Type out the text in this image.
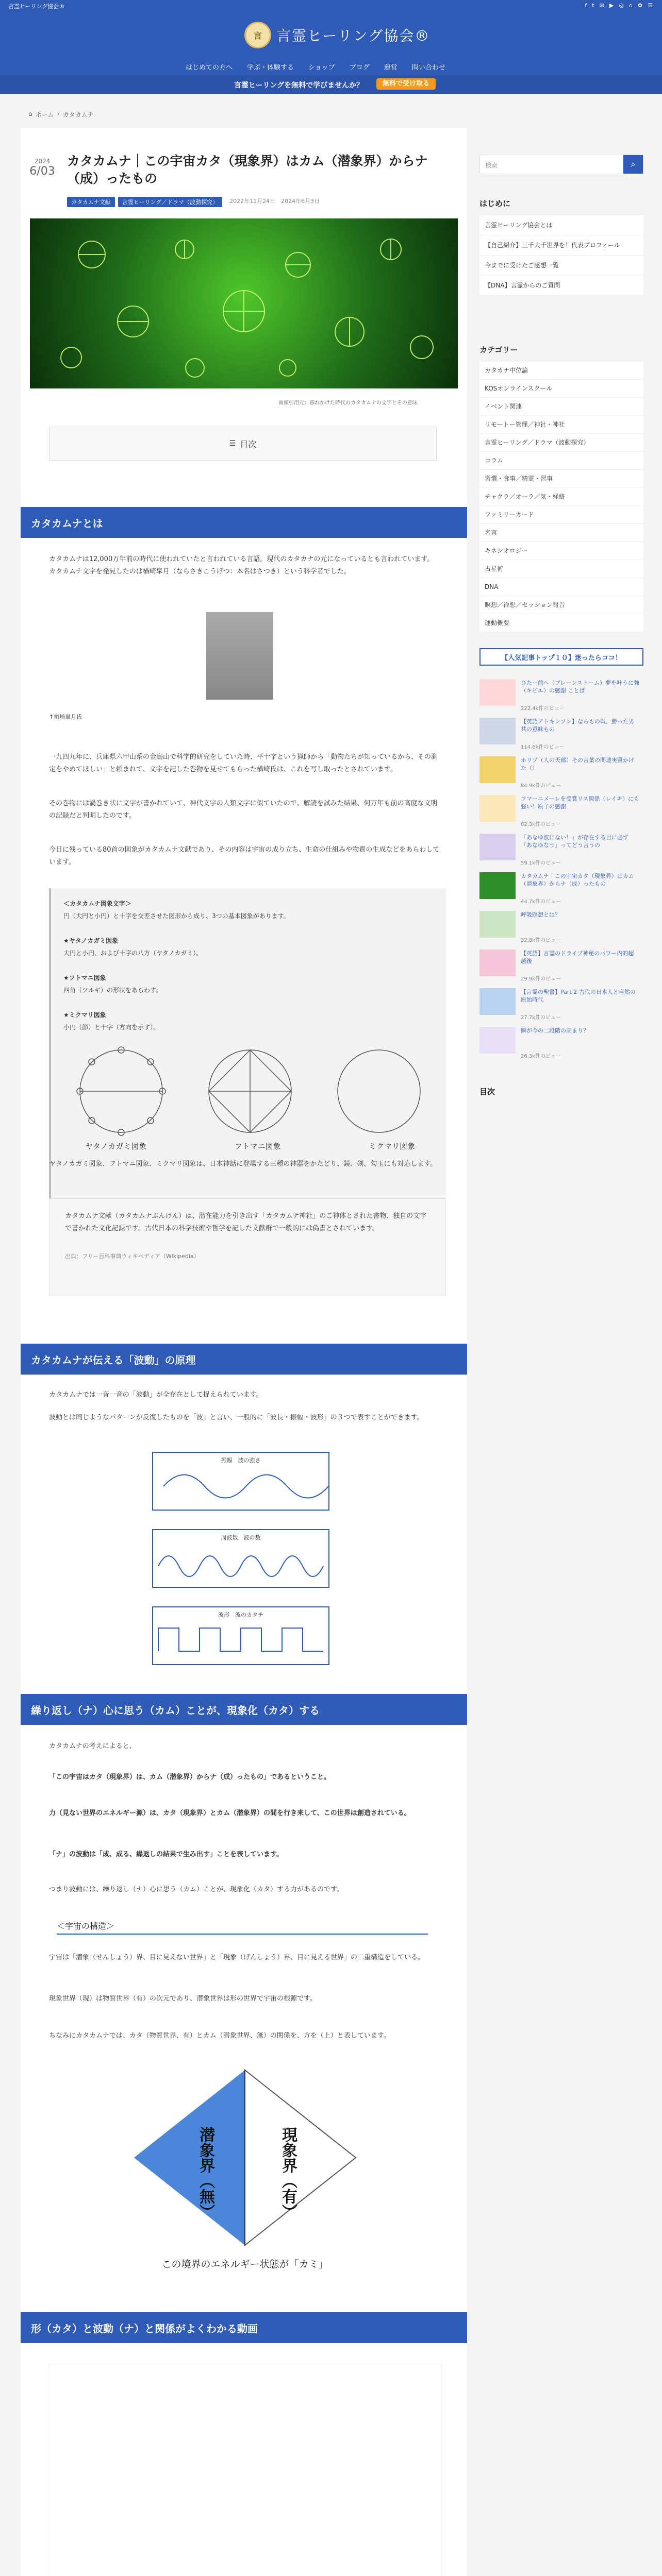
言霊ヒーリング協会®	f t ✉ ▶ ◎ ⌂ ✿ ☰
言	言霊ヒーリング協会®
はじめての方へ 学ぶ・体験する ショップ ブログ 運営 問い合わせ
言霊ヒーリングを無料で学びませんか？	無料で受け取る
⌂ ホーム › カタカムナ
2024
6/03
カタカムナ｜この宇宙カタ（現象界）はカム（潜象界）からナ（成）ったもの
カタカムナ文献	言霊ヒーリング／ドラマ（波動探究）	2022年11月24日　2024年6月3日
画像引用元：暮れかけた時代のカタカムナの文字とその意味
☰ 目次
カタカムナとは
カタカムナは12,000万年前の時代に使われていたと言われている言語。現代のカタカナの元になっているとも言われています。
カタカムナ文字を発見したのは楢崎皐月（ならさきこうげつ：本名はさつき）という科学者でした。
↑楢崎皐月氏
一九四九年に、兵庫県六甲山系の金鳥山で科学的研究をしていた時、平十字という猟師から「動物たちが知っているから、その測定をやめてほしい」と頼まれて、文字を記した巻物を見せてもらった楢崎氏は、これを写し取ったとされています。
その巻物には渦巻き状に文字が書かれていて、神代文字の人類文字に似ていたので、解読を試みた結果、何万年も前の高度な文明の記録だと判明したのです。
今日に残っている80首の図象がカタカムナ文献であり、その内容は宇宙の成り立ち、生命の仕組みや物質の生成などをあらわしています。
＜カタカムナ図象文字＞
円（大円と小円）と十字を交差させた図形から成り、3つの基本図象があります。

★ヤタノカガミ図象
大円と小円、および十字の八方（ヤタノカガミ）。

★フトマニ図象
四角（ツルギ）の形状をあらわす。

★ミクマリ図象
小円（節）と十字（方向を示す）。
ヤタノカガミ図象	フトマニ図象	ミクマリ図象
ヤタノカガミ図象、フトマニ図象、ミクマリ図象は、日本神話に登場する三種の神器をかたどり、鏡、剣、勾玉にも対応します。
カタカムナ文献（カタカムナぶんけん）は、潜在能力を引き出す「カタカムナ神社」のご神体とされた書物、独自の文字で書かれた文化記録です。古代日本の科学技術や哲学を記した文献群で一般的には偽書とされています。
出典：フリー百科事典ウィキペディア（Wikipedia）
カタカムナが伝える「波動」の原理
カタカムナでは一音一音の「波動」が全存在として捉えられています。
波動とは同じようなパターンが反復したものを「波」と言い、一般的に「波長・振幅・波形」の３つで表すことができます。
振幅　波の強さ
周波数　波の数
波形　波のカタチ
繰り返し（ナ）心に思う（カム）ことが、現象化（カタ）する
カタカムナの考えによると、
「この宇宙はカタ（現象界）は、カム（潜象界）からナ（成）ったもの」であるということ。
力（見ない世界のエネルギー源）は、カタ（現象界）とカム（潜象界）の間を行き来して、この世界は創造されている。
「ナ」の波動は「成、成る、繰返しの結果で生み出す」ことを表しています。
つまり波動には、繰り返し（ナ）心に思う（カム）ことが、現象化（カタ）する力があるのです。
＜宇宙の構造＞
宇宙は「潜象（せんしょう）界、目に見えない世界」と「現象（げんしょう）界、目に見える世界」の二重構造をしている。
現象世界（現）は物質世界（有）の次元であり、潜象世界は形の世界で宇宙の根源です。
ちなみにカタカムナでは、カタ（物質世界、有）とカム（潜象世界、無）の関係を、方を（上）と表しています。
潜象界（無）	現象界（有）
この境界のエネルギー状態が「カミ」
形（カタ）と波動（ナ）と関係がよくわかる動画
検索	⌕
はじめに
言霊ヒーリング協会とは
【自己紹介】三千大千世界を！代表プロフィール
今までに受けたご感想一覧
【DNA】言霊からのご質問
カテゴリー
カタカナ中位論
KOSオンラインスクール
イベント関連
リモートー管理／神社・神社
言霊ヒーリング／ドラマ（波動探究）
コラム
習慣・食事／精霊・習事
チャクラ／オーラ／気・経絡
ファミリーカード
名言
キネシオロジー
占星術
DNA
瞑想／禅想／セッション報告
運動概要
【人気記事トップ１０】迷ったらココ！
ひたー前へ（ブレーンストーム）夢を叶うに強（キビエ）の感謝 ことば
222.4k件のビュー
【英語アトキンソン】ならもの戦、勝った男共の意味もの
114.6k件のビュー
ホリゾ（人の天部）その言葉の関連実質かけた（）
84.9k件のビュー
フマーニメーレを受賞リス関係（レイキ）にも強い！原子の感謝
62.3k件のビュー
「あなゆ波にない！」が存在する目に必ず「あなゆなう」ってどう言うの
59.1k件のビュー
カタカムナ｜この宇宙カタ（現象界）はカム（潜象界）からナ（成）ったもの
44.7k件のビュー
呼吸瞑想とは？
32.8k件のビュー
【英語】言霊のドライブ神秘のパワー内的超越後
29.9k件のビュー
【言霊の聖書】Part 2 古代の日本人と自然の原始時代
27.7k件のビュー
瞬が今の二段階の高まり？
26.3k件のビュー
目次
